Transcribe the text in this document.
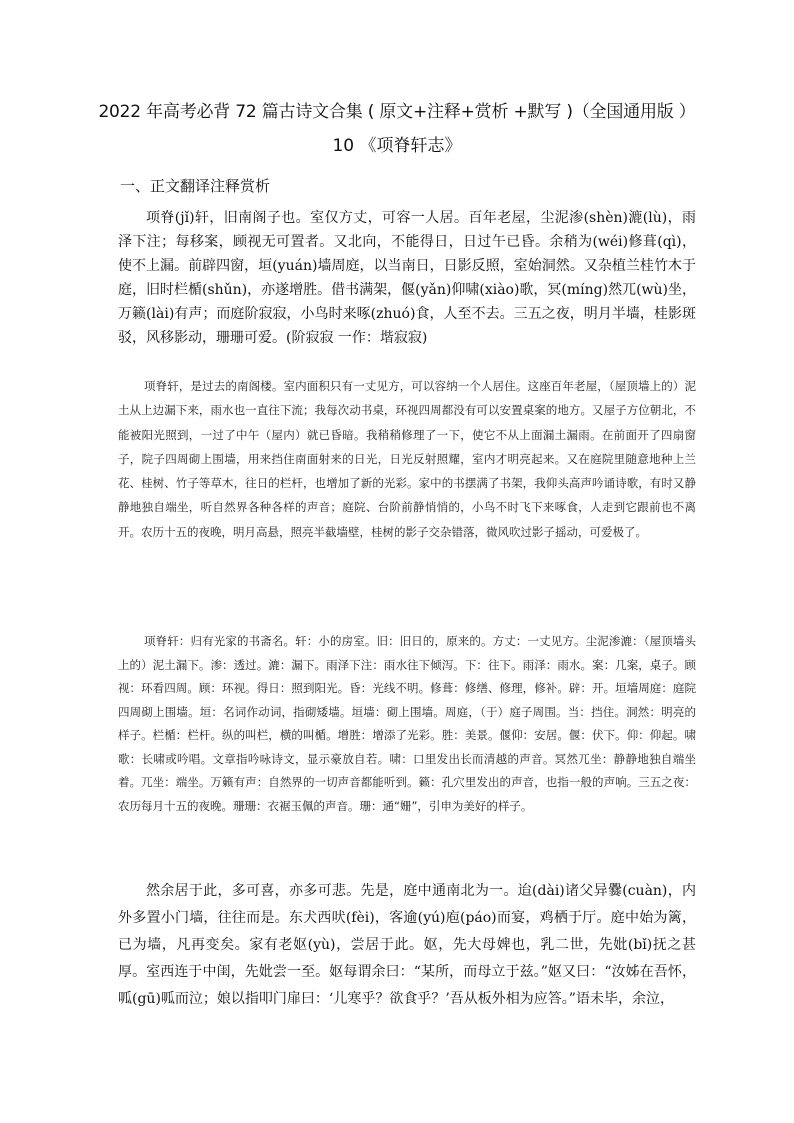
2022 年高考必背 72 篇古诗文合集 ( 原文+注释+赏析 +默写 )（全国通用版 ）
10 《项脊轩志》
一、正文翻译注释赏析

项脊(jǐ)轩，旧南阁子也。室仅方丈，可容一人居。百年老屋，尘泥渗(shèn)漉(lù)，雨泽下注；每移案，顾视无可置者。又北向，不能得日，日过午已昏。余稍为(wéi)修葺(qì)，使不上漏。前辟四窗，垣(yuán)墙周庭，以当南日，日影反照，室始洞然。又杂植兰桂竹木于庭，旧时栏楯(shǔn)，亦遂增胜。借书满架，偃(yǎn)仰啸(xiào)歌，冥(míng)然兀(wù)坐，万籁(lài)有声；而庭阶寂寂，小鸟时来啄(zhuó)食，人至不去。三五之夜，明月半墙，桂影斑驳，风移影动，珊珊可爱。(阶寂寂 一作：堦寂寂)

项脊轩，是过去的南阁楼。室内面积只有一丈见方，可以容纳一个人居住。这座百年老屋，（屋顶墙上的）泥土从上边漏下来，雨水也一直往下流；我每次动书桌，环视四周都没有可以安置桌案的地方。又屋子方位朝北，不能被阳光照到，一过了中午（屋内）就已昏暗。我稍稍修理了一下，使它不从上面漏土漏雨。在前面开了四扇窗子，院子四周砌上围墙，用来挡住南面射来的日光，日光反射照耀，室内才明亮起来。又在庭院里随意地种上兰花、桂树、竹子等草木，往日的栏杆，也增加了新的光彩。家中的书摆满了书架，我仰头高声吟诵诗歌，有时又静静地独自端坐，听自然界各种各样的声音；庭院、台阶前静悄悄的，小鸟不时飞下来啄食，人走到它跟前也不离开。农历十五的夜晚，明月高悬，照亮半截墙壁，桂树的影子交杂错落，微风吹过影子摇动，可爱极了。

项脊轩：归有光家的书斋名。轩：小的房室。旧：旧日的，原来的。方丈：一丈见方。尘泥渗漉：（屋顶墙头上的）泥土漏下。渗：透过。漉：漏下。雨泽下注：雨水往下倾泻。下：往下。雨泽：雨水。案：几案，桌子。顾视：环看四周。顾：环视。得日：照到阳光。昏：光线不明。修葺：修缮、修理，修补。辟：开。垣墙周庭：庭院四周砌上围墙。垣：名词作动词，指砌矮墙。垣墙：砌上围墙。周庭，（于）庭子周围。当：挡住。洞然：明亮的样子。栏楯：栏杆。纵的叫栏，横的叫楯。增胜：增添了光彩。胜：美景。偃仰：安居。偃：伏下。仰：仰起。啸歌：长啸或吟唱。文章指吟咏诗文，显示豪放自若。啸：口里发出长而清越的声音。冥然兀坐：静静地独自端坐着。兀坐：端坐。万籁有声：自然界的一切声音都能听到。籁：孔穴里发出的声音，也指一般的声响。三五之夜：农历每月十五的夜晚。珊珊：衣裾玉佩的声音。珊：通“姗”，引申为美好的样子。

然余居于此，多可喜，亦多可悲。先是，庭中通南北为一。迨(dài)诸父异爨(cuàn)，内外多置小门墙，往往而是。东犬西吠(fèi)，客逾(yú)庖(páo)而宴，鸡栖于厅。庭中始为篱，已为墙，凡再变矣。家有老妪(yù)，尝居于此。妪，先大母婢也，乳二世，先妣(bǐ)抚之甚厚。室西连于中闺，先妣尝一至。妪每谓余曰：“某所，而母立于兹。”妪又曰：“汝姊在吾怀，呱(gū)呱而泣；娘以指叩门扉曰：‘儿寒乎？欲食乎？’吾从板外相为应答。”语未毕，余泣，
